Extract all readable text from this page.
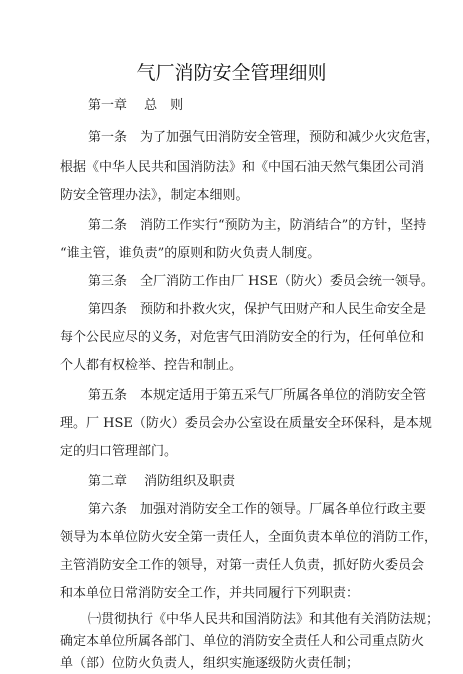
气厂消防安全管理细则
第一章　 总　则
第一条　为了加强气田消防安全管理，预防和减少火灾危害，
根据《中华人民共和国消防法》和《中国石油天然气集团公司消
防安全管理办法》，制定本细则。
第二条　消防工作实行“预防为主，防消结合”的方针，坚持
“谁主管，谁负责”的原则和防火负责人制度。
第三条　全厂消防工作由厂 HSE（防火）委员会统一领导。
第四条　预防和扑救火灾，保护气田财产和人民生命安全是
每个公民应尽的义务，对危害气田消防安全的行为，任何单位和
个人都有权检举、控告和制止。
第五条　本规定适用于第五采气厂所属各单位的消防安全管
理。厂 HSE（防火）委员会办公室设在质量安全环保科，是本规
定的归口管理部门。
第二章　 消防组织及职责
第六条　加强对消防安全工作的领导。厂属各单位行政主要
领导为本单位防火安全第一责任人，全面负责本单位的消防工作，
主管消防安全工作的领导，对第一责任人负责，抓好防火委员会
和本单位日常消防安全工作，并共同履行下列职责：
㈠贯彻执行《中华人民共和国消防法》和其他有关消防法规；
确定本单位所属各部门、单位的消防安全责任人和公司重点防火
单（部）位防火负责人，组织实施逐级防火责任制；
